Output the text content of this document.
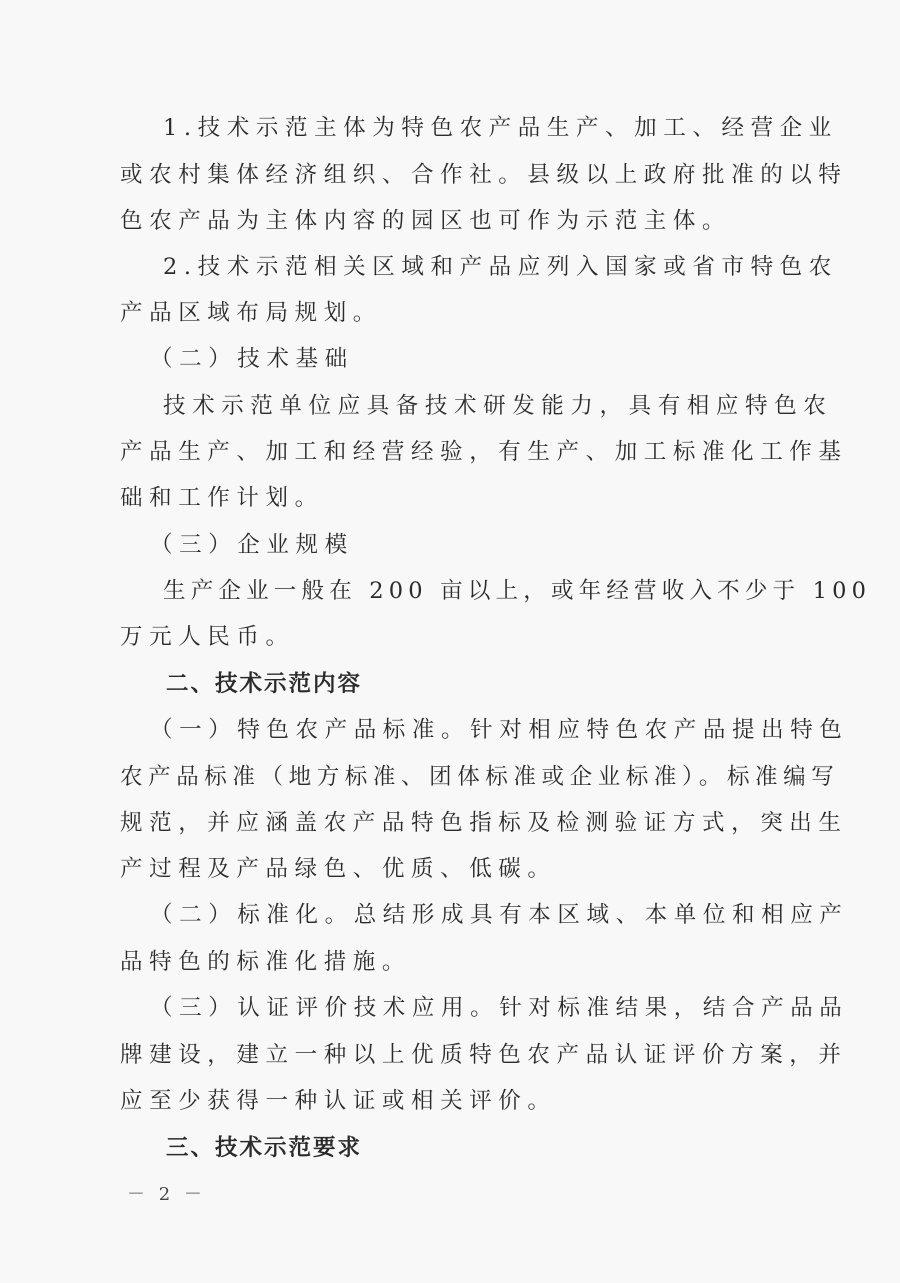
1.技术示范主体为特色农产品生产、加工、经营企业
或农村集体经济组织、合作社。县级以上政府批准的以特
色农产品为主体内容的园区也可作为示范主体。
2.技术示范相关区域和产品应列入国家或省市特色农
产品区域布局规划。
（二）技术基础
技术示范单位应具备技术研发能力，具有相应特色农
产品生产、加工和经营经验，有生产、加工标准化工作基
础和工作计划。
（三）企业规模
生产企业一般在 200 亩以上，或年经营收入不少于 100
万元人民币。
二、技术示范内容
（一）特色农产品标准。针对相应特色农产品提出特色
农产品标准（地方标准、团体标准或企业标准）。标准编写
规范，并应涵盖农产品特色指标及检测验证方式，突出生
产过程及产品绿色、优质、低碳。
（二）标准化。总结形成具有本区域、本单位和相应产
品特色的标准化措施。
（三）认证评价技术应用。针对标准结果，结合产品品
牌建设，建立一种以上优质特色农产品认证评价方案，并
应至少获得一种认证或相关评价。
三、技术示范要求
－ 2 －
